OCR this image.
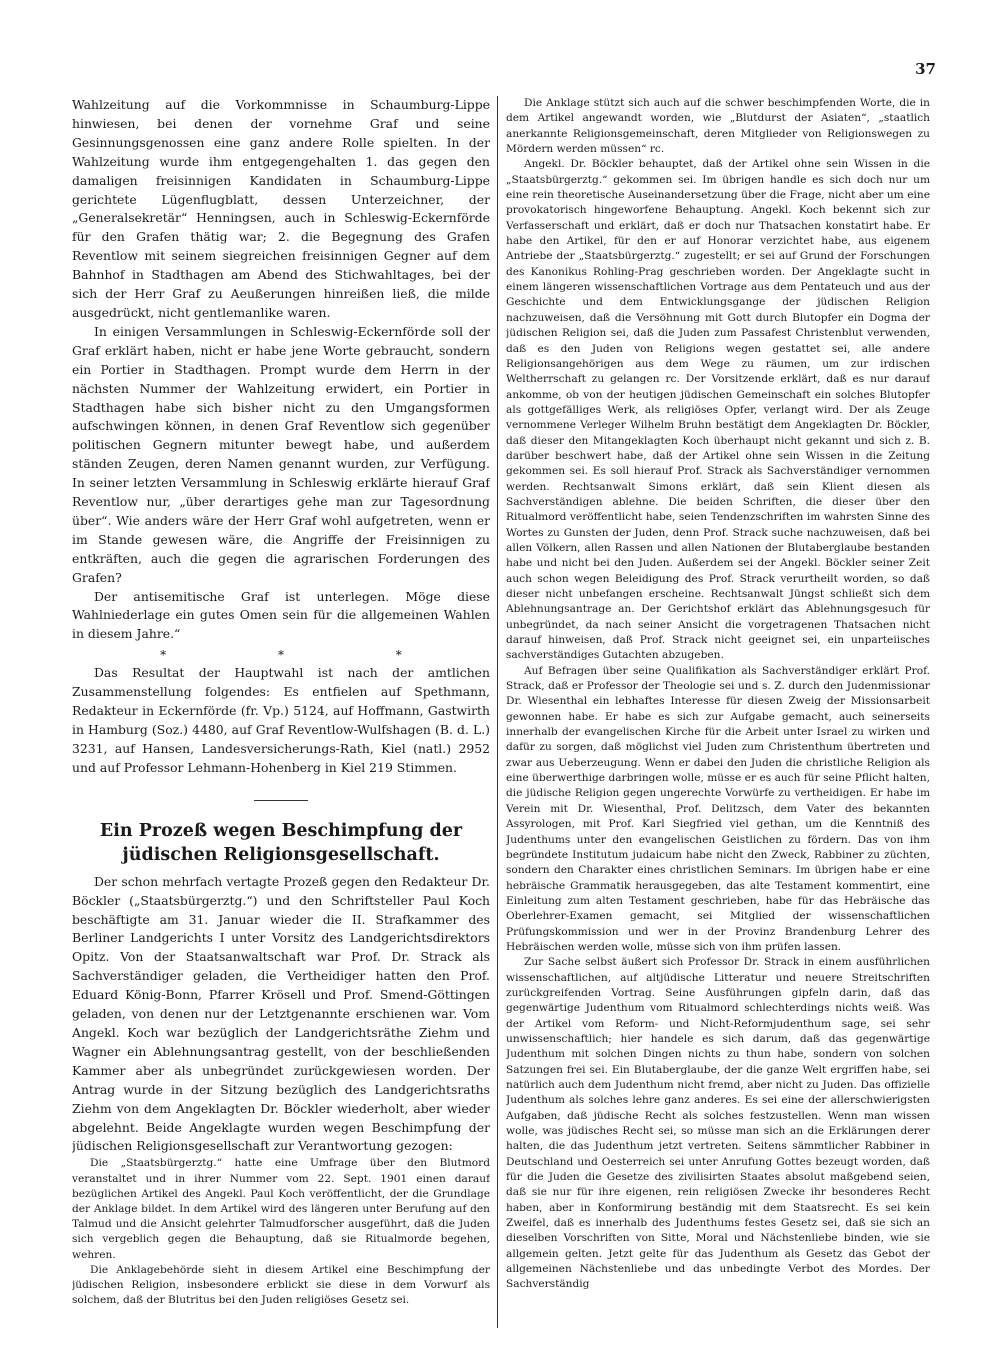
37

Wahlzeitung auf die Vorkommnisse in Schaumburg-Lippe hinwiesen, bei denen der vornehme Graf und seine Gesinnungsgenossen eine ganz andere Rolle spielten. In der Wahlzeitung wurde ihm entgegengehalten 1. das gegen den damaligen freisinnigen Kandidaten in Schaumburg-Lippe gerichtete Lügenflugblatt, dessen Unterzeichner, der „Generalsekretär“ Henningsen, auch in Schleswig-Eckernförde für den Grafen thätig war; 2. die Begegnung des Grafen Reventlow mit seinem siegreichen freisinnigen Gegner auf dem Bahnhof in Stadthagen am Abend des Stichwahltages, bei der sich der Herr Graf zu Aeußerungen hinreißen ließ, die milde ausgedrückt, nicht gentlemanlike waren.

In einigen Versammlungen in Schleswig-Eckernförde soll der Graf erklärt haben, nicht er habe jene Worte gebraucht, sondern ein Portier in Stadthagen. Prompt wurde dem Herrn in der nächsten Nummer der Wahlzeitung erwidert, ein Portier in Stadthagen habe sich bisher nicht zu den Umgangsformen aufschwingen können, in denen Graf Reventlow sich gegenüber politischen Gegnern mitunter bewegt habe, und außerdem ständen Zeugen, deren Namen genannt wurden, zur Verfügung. In seiner letzten Versammlung in Schleswig erklärte hierauf Graf Reventlow nur, „über derartiges gehe man zur Tagesordnung über“. Wie anders wäre der Herr Graf wohl aufgetreten, wenn er im Stande gewesen wäre, die Angriffe der Freisinnigen zu entkräften, auch die gegen die agrarischen Forderungen des Grafen?

Der antisemitische Graf ist unterlegen. Möge diese Wahlniederlage ein gutes Omen sein für die allgemeinen Wahlen in diesem Jahre.“

* * *

Das Resultat der Hauptwahl ist nach der amtlichen Zusammenstellung folgendes: Es entfielen auf Spethmann, Redakteur in Eckernförde (fr. Vp.) 5124, auf Hoffmann, Gastwirth in Hamburg (Soz.) 4480, auf Graf Reventlow-Wulfshagen (B. d. L.) 3231, auf Hansen, Landesversicherungs-Rath, Kiel (natl.) 2952 und auf Professor Lehmann-Hohenberg in Kiel 219 Stimmen.

Ein Prozeß wegen Beschimpfung der jüdischen Religionsgesellschaft.

Der schon mehrfach vertagte Prozeß gegen den Redakteur Dr. Böckler („Staatsbürgerztg.“) und den Schriftsteller Paul Koch beschäftigte am 31. Januar wieder die II. Strafkammer des Berliner Landgerichts I unter Vorsitz des Landgerichtsdirektors Opitz. Von der Staatsanwaltschaft war Prof. Dr. Strack als Sachverständiger geladen, die Vertheidiger hatten den Prof. Eduard König-Bonn, Pfarrer Krösell und Prof. Smend-Göttingen geladen, von denen nur der Letztgenannte erschienen war. Vom Angekl. Koch war bezüglich der Landgerichtsräthe Ziehm und Wagner ein Ablehnungsantrag gestellt, von der beschließenden Kammer aber als unbegründet zurückgewiesen worden. Der Antrag wurde in der Sitzung bezüglich des Landgerichtsraths Ziehm von dem Angeklagten Dr. Böckler wiederholt, aber wieder abgelehnt. Beide Angeklagte wurden wegen Beschimpfung der jüdischen Religionsgesellschaft zur Verantwortung gezogen:

Die „Staatsbürgerztg.“ hatte eine Umfrage über den Blutmord veranstaltet und in ihrer Nummer vom 22. Sept. 1901 einen darauf bezüglichen Artikel des Angekl. Paul Koch veröffentlicht, der die Grundlage der Anklage bildet. In dem Artikel wird des längeren unter Berufung auf den Talmud und die Ansicht gelehrter Talmudforscher ausgeführt, daß die Juden sich vergeblich gegen die Behauptung, daß sie Ritualmorde begehen, wehren.

Die Anklagebehörde sieht in diesem Artikel eine Beschimpfung der jüdischen Religion, insbesondere erblickt sie diese in dem Vorwurf als solchem, daß der Blutritus bei den Juden religiöses Gesetz sei.

Die Anklage stützt sich auch auf die schwer beschimpfenden Worte, die in dem Artikel angewandt worden, wie „Blutdurst der Asiaten“, „staatlich anerkannte Religionsgemeinschaft, deren Mitglieder von Religionswegen zu Mördern werden müssen“ rc.

Angekl. Dr. Böckler behauptet, daß der Artikel ohne sein Wissen in die „Staatsbürgerztg.“ gekommen sei. Im übrigen handle es sich doch nur um eine rein theoretische Auseinandersetzung über die Frage, nicht aber um eine provokatorisch hingeworfene Behauptung. Angekl. Koch bekennt sich zur Verfasserschaft und erklärt, daß er doch nur Thatsachen konstatirt habe. Er habe den Artikel, für den er auf Honorar verzichtet habe, aus eigenem Antriebe der „Staatsbürgerztg.“ zugestellt; er sei auf Grund der Forschungen des Kanonikus Rohling-Prag geschrieben worden. Der Angeklagte sucht in einem längeren wissenschaftlichen Vortrage aus dem Pentateuch und aus der Geschichte und dem Entwicklungsgange der jüdischen Religion nachzuweisen, daß die Versöhnung mit Gott durch Blutopfer ein Dogma der jüdischen Religion sei, daß die Juden zum Passafest Christenblut verwenden, daß es den Juden von Religions wegen gestattet sei, alle andere Religionsangehörigen aus dem Wege zu räumen, um zur irdischen Weltherrschaft zu gelangen rc. Der Vorsitzende erklärt, daß es nur darauf ankomme, ob von der heutigen jüdischen Gemeinschaft ein solches Blutopfer als gottgefälliges Werk, als religiöses Opfer, verlangt wird. Der als Zeuge vernommene Verleger Wilhelm Bruhn bestätigt dem Angeklagten Dr. Böckler, daß dieser den Mitangeklagten Koch überhaupt nicht gekannt und sich z. B. darüber beschwert habe, daß der Artikel ohne sein Wissen in die Zeitung gekommen sei. Es soll hierauf Prof. Strack als Sachverständiger vernommen werden. Rechtsanwalt Simons erklärt, daß sein Klient diesen als Sachverständigen ablehne. Die beiden Schriften, die dieser über den Ritualmord veröffentlicht habe, seien Tendenzschriften im wahrsten Sinne des Wortes zu Gunsten der Juden, denn Prof. Strack suche nachzuweisen, daß bei allen Völkern, allen Rassen und allen Nationen der Blutaberglaube bestanden habe und nicht bei den Juden. Außerdem sei der Angekl. Böckler seiner Zeit auch schon wegen Beleidigung des Prof. Strack verurtheilt worden, so daß dieser nicht unbefangen erscheine. Rechtsanwalt Jüngst schließt sich dem Ablehnungsantrage an. Der Gerichtshof erklärt das Ablehnungsgesuch für unbegründet, da nach seiner Ansicht die vorgetragenen Thatsachen nicht darauf hinweisen, daß Prof. Strack nicht geeignet sei, ein unparteiisches sachverständiges Gutachten abzugeben.

Auf Befragen über seine Qualifikation als Sachverständiger erklärt Prof. Strack, daß er Professor der Theologie sei und s. Z. durch den Judenmissionar Dr. Wiesenthal ein lebhaftes Interesse für diesen Zweig der Missionsarbeit gewonnen habe. Er habe es sich zur Aufgabe gemacht, auch seinerseits innerhalb der evangelischen Kirche für die Arbeit unter Israel zu wirken und dafür zu sorgen, daß möglichst viel Juden zum Christenthum übertreten und zwar aus Ueberzeugung. Wenn er dabei den Juden die christliche Religion als eine überwerthige darbringen wolle, müsse er es auch für seine Pflicht halten, die jüdische Religion gegen ungerechte Vorwürfe zu vertheidigen. Er habe im Verein mit Dr. Wiesenthal, Prof. Delitzsch, dem Vater des bekannten Assyrologen, mit Prof. Karl Siegfried viel gethan, um die Kenntniß des Judenthums unter den evangelischen Geistlichen zu fördern. Das von ihm begründete Institutum judaicum habe nicht den Zweck, Rabbiner zu züchten, sondern den Charakter eines christlichen Seminars. Im übrigen habe er eine hebräische Grammatik herausgegeben, das alte Testament kommentirt, eine Einleitung zum alten Testament geschrieben, habe für das Hebräische das Oberlehrer-Examen gemacht, sei Mitglied der wissenschaftlichen Prüfungskommission und wer in der Provinz Brandenburg Lehrer des Hebräischen werden wolle, müsse sich von ihm prüfen lassen.

Zur Sache selbst äußert sich Professor Dr. Strack in einem ausführlichen wissenschaftlichen, auf altjüdische Litteratur und neuere Streitschriften zurückgreifenden Vortrag. Seine Ausführungen gipfeln darin, daß das gegenwärtige Judenthum vom Ritualmord schlechterdings nichts weiß. Was der Artikel vom Reform- und Nicht-Reformjudenthum sage, sei sehr unwissenschaftlich; hier handele es sich darum, daß das gegenwärtige Judenthum mit solchen Dingen nichts zu thun habe, sondern von solchen Satzungen frei sei. Ein Blutaberglaube, der die ganze Welt ergriffen habe, sei natürlich auch dem Judenthum nicht fremd, aber nicht zu Juden. Das offizielle Judenthum als solches lehre ganz anderes. Es sei eine der allerschwierigsten Aufgaben, daß jüdische Recht als solches festzustellen. Wenn man wissen wolle, was jüdisches Recht sei, so müsse man sich an die Erklärungen derer halten, die das Judenthum jetzt vertreten. Seitens sämmtlicher Rabbiner in Deutschland und Oesterreich sei unter Anrufung Gottes bezeugt worden, daß für die Juden die Gesetze des zivilisirten Staates absolut maßgebend seien, daß sie nur für ihre eigenen, rein religiösen Zwecke ihr besonderes Recht haben, aber in Konformirung beständig mit dem Staatsrecht. Es sei kein Zweifel, daß es innerhalb des Judenthums festes Gesetz sei, daß sie sich an dieselben Vorschriften von Sitte, Moral und Nächstenliebe binden, wie sie allgemein gelten. Jetzt gelte für das Judenthum als Gesetz das Gebot der allgemeinen Nächstenliebe und das unbedingte Verbot des Mordes. Der Sachverständig
